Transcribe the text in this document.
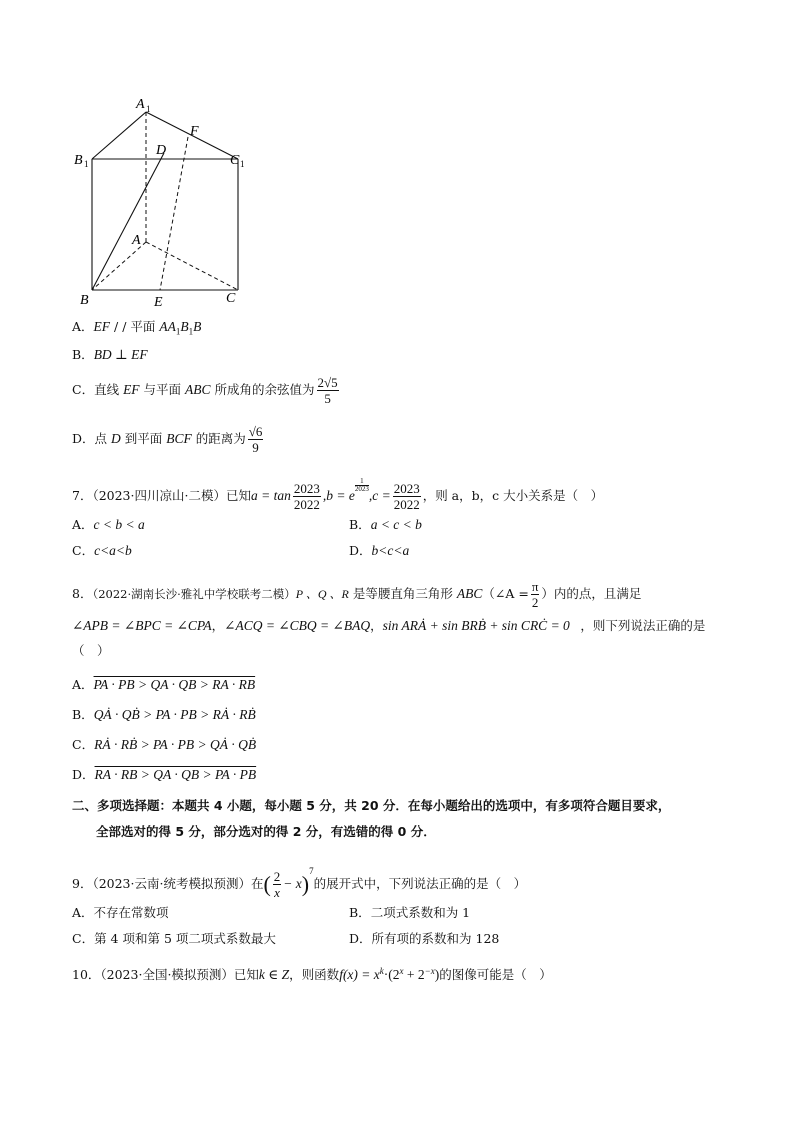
A 1
B 1	C 1
D
F
A
B	C
E
A．EF / / 平面 $AA_1B_1B$
B．BD ⊥ EF
C．直线 EF 与平面 ABC 所成角的余弦值为 $\frac{2√5}{5}$
D．点 D 到平面 BCF 的距离为 $\frac{√6}{9}$
7．（2023·四川凉山·二模）已知$a = \tan \frac{2023}{2022} ,b = e$
$\frac{1}{2023}$
$,c = \frac{2023}{2022}$ ，则 a，b，c 大小关系是（　）
A．c < b < a	B．a < c < b
C．c<a<b	D．b<c<a
8．（2022·湖南长沙·雅礼中学校联考二模）P 、Q 、R 是等腰直角三角形 ABC（∠A = $\frac{\pi}{2}$ ）内的点，且满足
∠APB = ∠BPC = ∠CPA，∠ACQ = ∠CBQ = ∠BAQ，sin ARȦ + sin BRḂ + sin CRĊ = 0⃗，则下列说法正确的是
（　）
A．PA · PB > QA · QB > RA · RB
B．QȦ · QḂ > PA · PB > RȦ · RḂ
C．RȦ · RḂ > PA · PB > QȦ · QḂ
D．RA · RB > QA · QB > PA · PB
二、多项选择题：本题共 4 小题，每小题 5 分，共 20 分．在每小题给出的选项中，有多项符合题目要求，
全部选对的得 5 分，部分选对的得 2 分，有选错的得 0 分．
9．（2023·云南·统考模拟预测）在( $\frac{2}{x} - x)^7$的展开式中，下列说法正确的是（　）
A．不存在常数项	B．二项式系数和为 1
C．第 4 项和第 5 项二项式系数最大	D．所有项的系数和为 128
10．（2023·全国·模拟预测）已知k ∈ Z，则函数$f(x) = x^k\cdot(2^x + 2^{-x})$的图像可能是（　）
